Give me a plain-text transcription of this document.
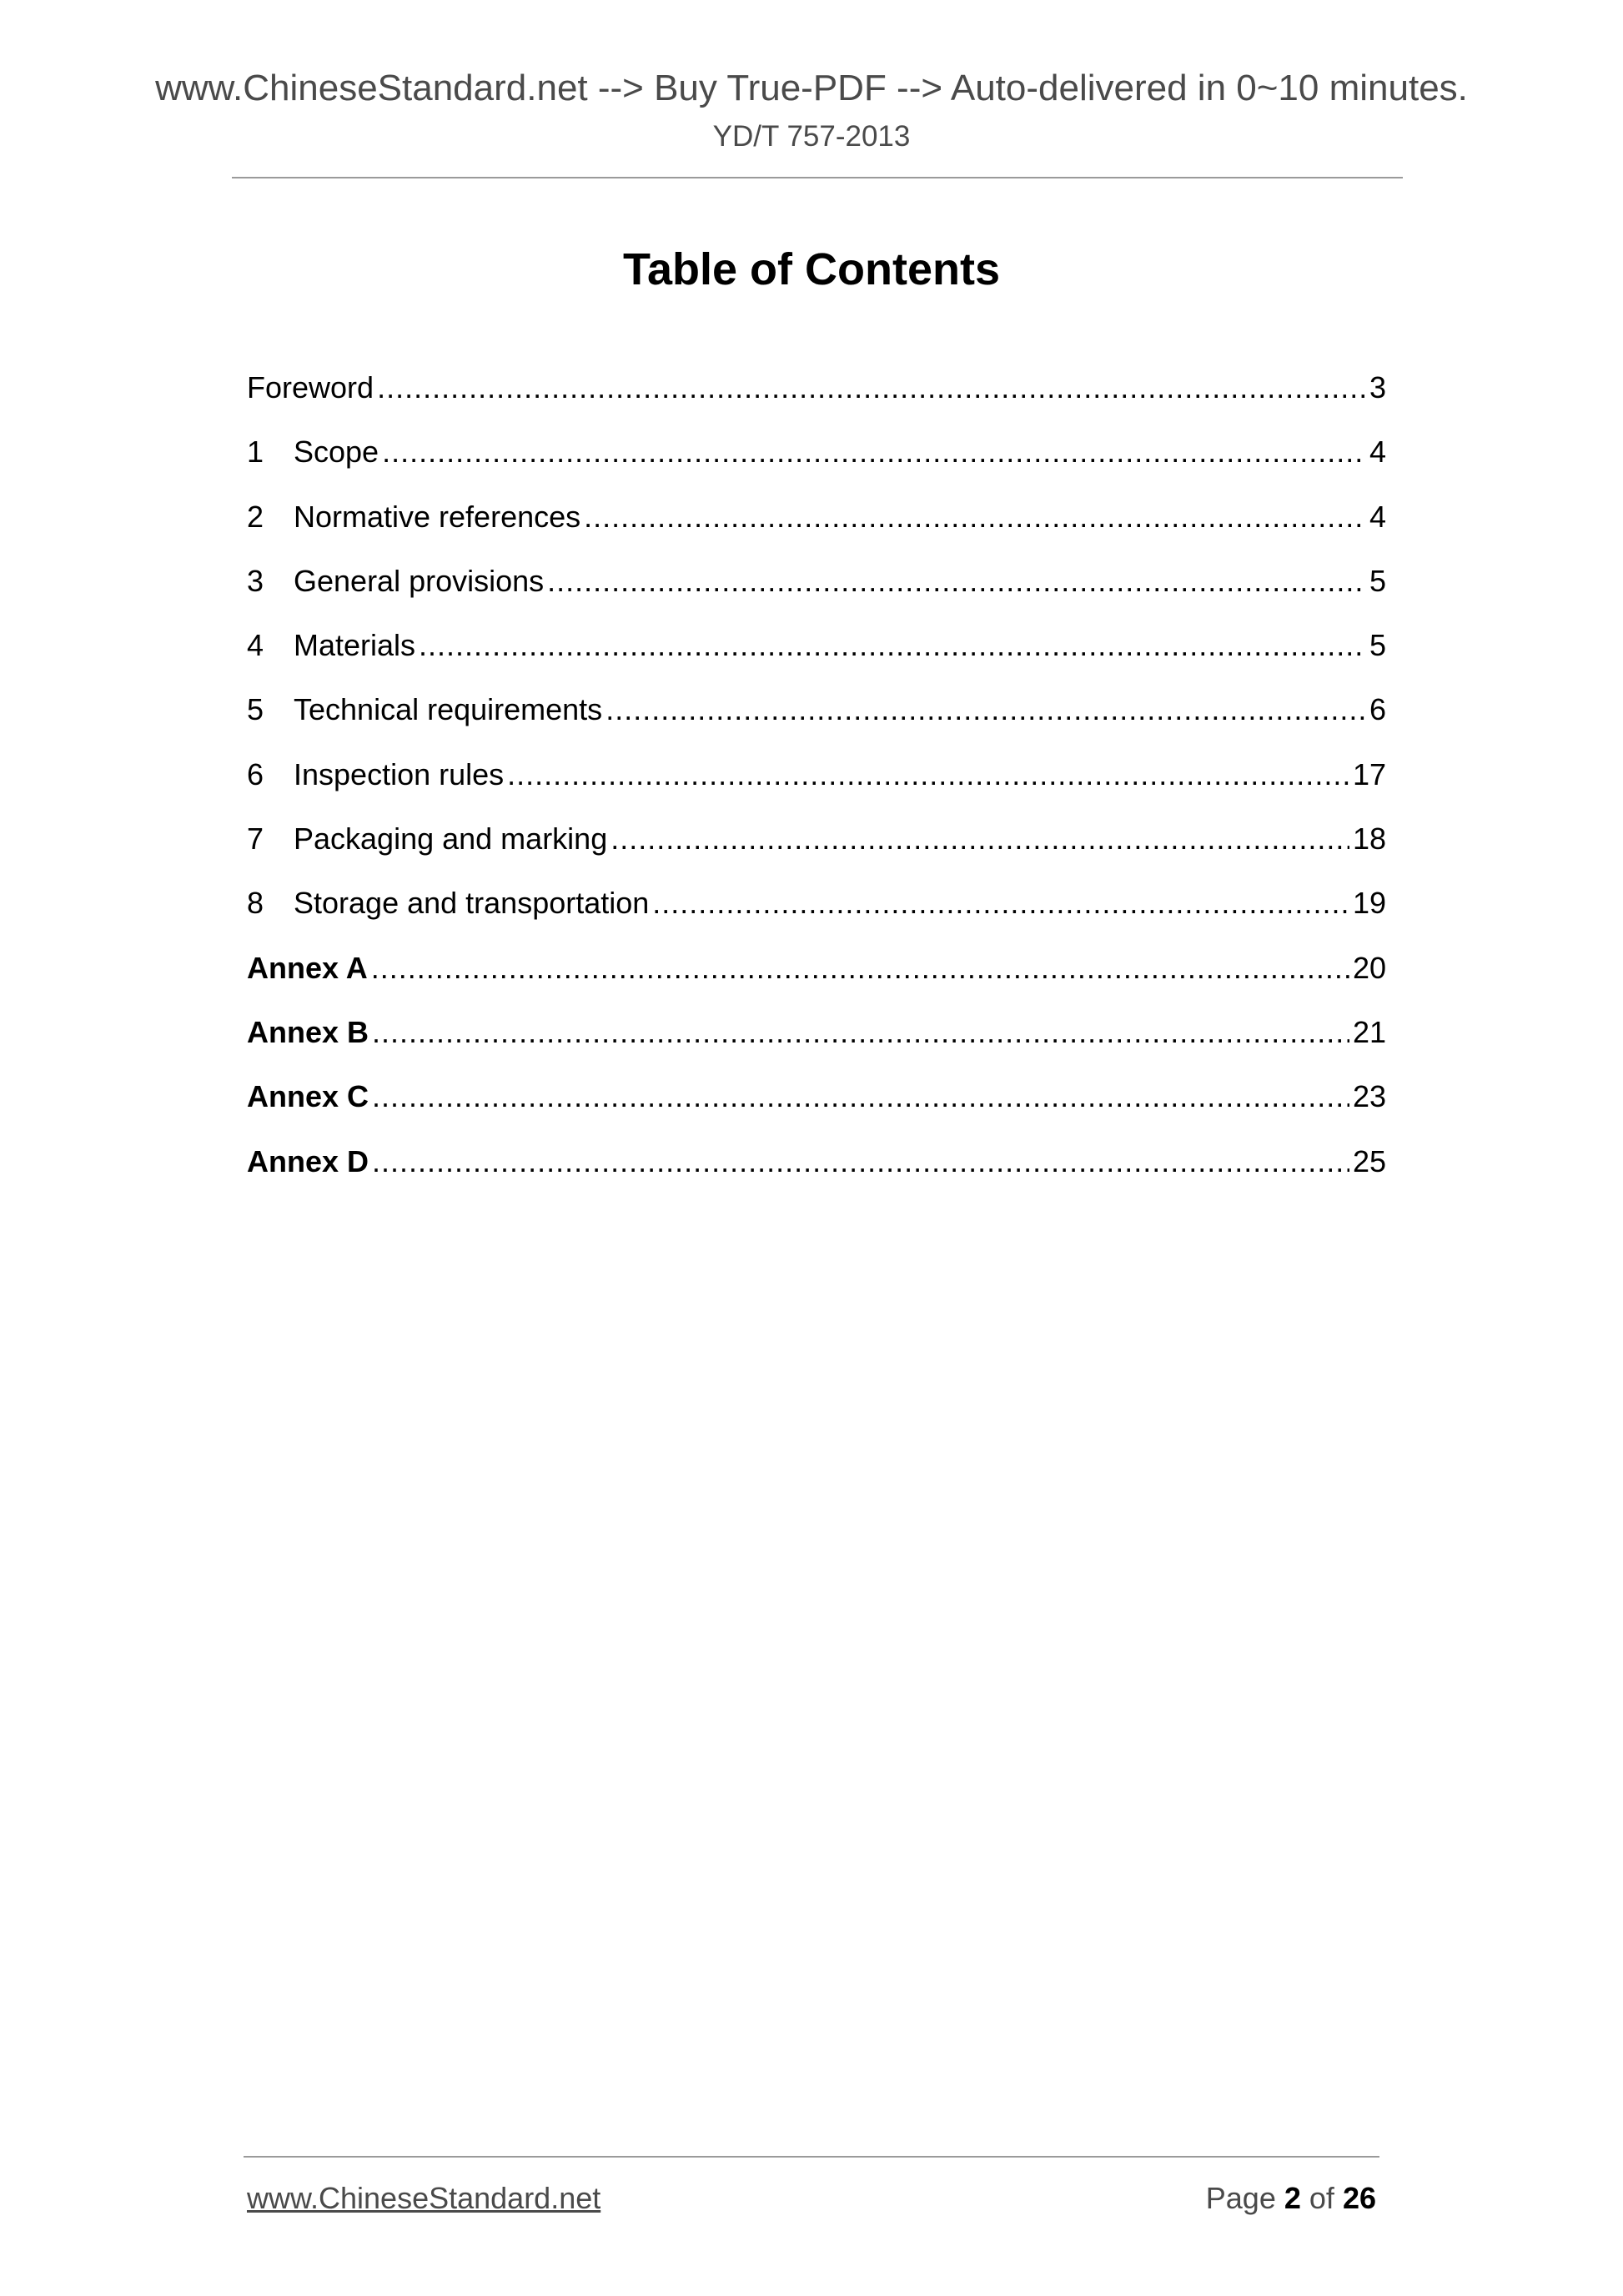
www.ChineseStandard.net --> Buy True-PDF --> Auto-delivered in 0~10 minutes.
YD/T 757-2013
Table of Contents
Foreword .....	3
1 Scope .....	4
2 Normative references .....	4
3 General provisions .....	5
4 Materials .....	5
5 Technical requirements .....	6
6 Inspection rules .....	17
7 Packaging and marking .....	18
8 Storage and transportation .....	19
Annex A .....	20
Annex B .....	21
Annex C .....	23
Annex D .....	25
www.ChineseStandard.net	Page 2 of 26
